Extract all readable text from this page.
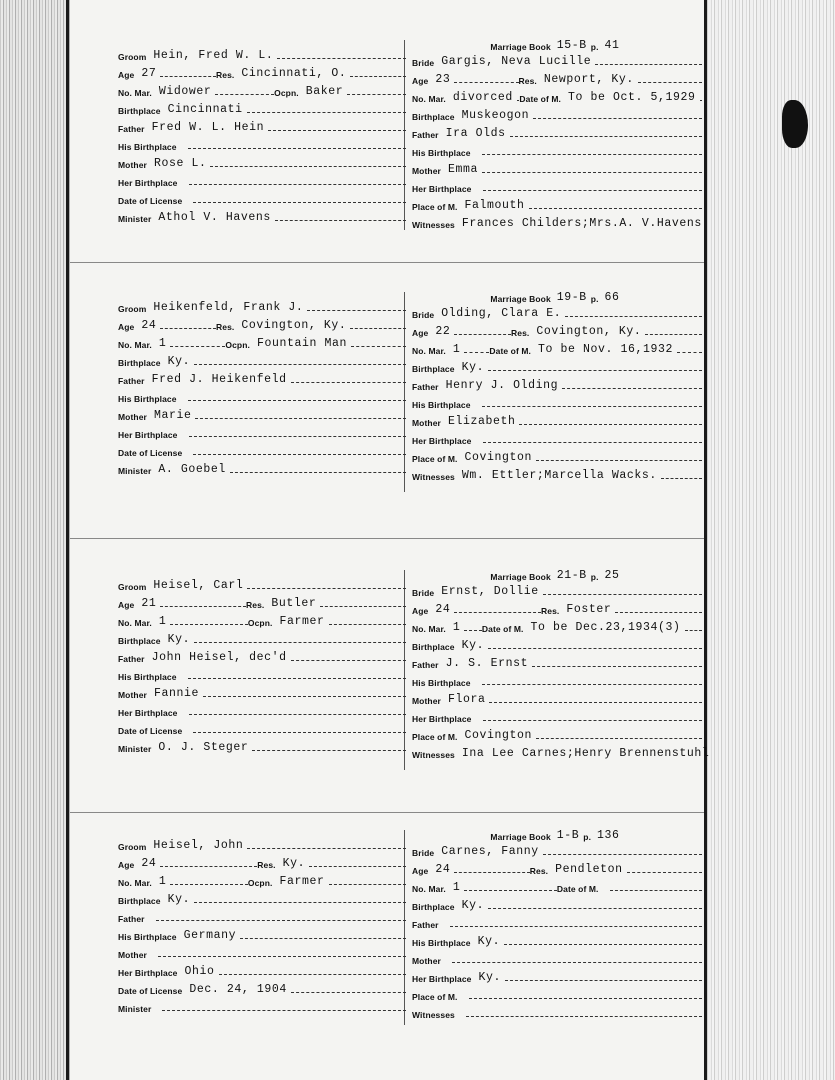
Marriage Book 15-B p. 41
Groom Hein, Fred W. L.
Age 27	Res. Cincinnati, O.
No. Mar. Widower	Ocpn. Baker
Birthplace Cincinnati
Father Fred W. L. Hein
His Birthplace
Mother Rose L.
Her Birthplace
Date of License
Minister Athol V. Havens
Bride Gargis, Neva Lucille
Age 23	Res. Newport, Ky.
No. Mar. divorced Date of M. To be Oct. 5,1929
Birthplace Muskeogon
Father Ira Olds
His Birthplace
Mother Emma
Her Birthplace
Place of M. Falmouth
Witnesses Frances Childers;Mrs.A. V.Havens
Marriage Book 19-B p. 66
Groom Heikenfeld, Frank J.
Age 24	Res. Covington, Ky.
No. Mar. 1	Ocpn. Fountain Man
Birthplace Ky.
Father Fred J. Heikenfeld
His Birthplace
Mother Marie
Her Birthplace
Date of License
Minister A. Goebel
Bride Olding, Clara E.
Age 22	Res. Covington, Ky.
No. Mar. 1	Date of M. To be Nov. 16,1932
Birthplace Ky.
Father Henry J. Olding
His Birthplace
Mother Elizabeth
Her Birthplace
Place of M. Covington
Witnesses Wm. Ettler;Marcella Wacks.
Marriage Book 21-B p. 25
Groom Heisel, Carl
Age 21	Res. Butler
No. Mar. 1	Ocpn. Farmer
Birthplace Ky.
Father John Heisel, dec'd
His Birthplace
Mother Fannie
Her Birthplace
Date of License
Minister O. J. Steger
Bride Ernst, Dollie
Age 24	Res. Foster
No. Mar. 1	Date of M. To be Dec.23,1934(3)
Birthplace Ky.
Father J. S. Ernst
His Birthplace
Mother Flora
Her Birthplace
Place of M. Covington
Witnesses Ina Lee Carnes;Henry Brennenstuhl
Marriage Book 1-B p. 136
Groom Heisel, John
Age 24	Res. Ky.
No. Mar. 1	Ocpn. Farmer
Birthplace Ky.
Father
His Birthplace Germany
Mother
Her Birthplace Ohio
Date of License Dec. 24, 1904
Minister
Bride Carnes, Fanny
Age 24	Res. Pendleton
No. Mar. 1	Date of M.
Birthplace Ky.
Father
His Birthplace Ky.
Mother
Her Birthplace Ky.
Place of M.
Witnesses
